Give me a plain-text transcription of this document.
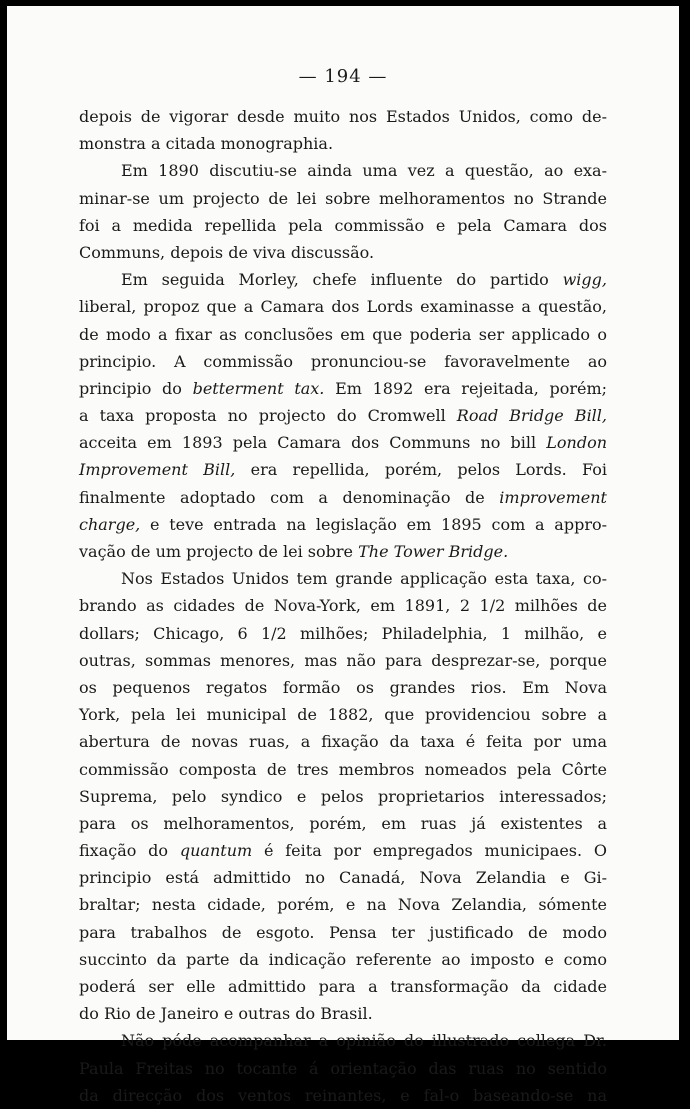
— 194 —
depois de vigorar desde muito nos Estados Unidos, como de-
monstra a citada monographia.
Em 1890 discutiu-se ainda uma vez a questão, ao exa-
minar-se um projecto de lei sobre melhoramentos no Strande
foi a medida repellida pela commissão e pela Camara dos
Communs, depois de viva discussão.
Em seguida Morley, chefe influente do partido wigg,
liberal, propoz que a Camara dos Lords examinasse a questão,
de modo a fixar as conclusões em que poderia ser applicado o
principio. A commissão pronunciou-se favoravelmente ao
principio do betterment tax. Em 1892 era rejeitada, porém;
a taxa proposta no projecto do Cromwell Road Bridge Bill,
acceita em 1893 pela Camara dos Communs no bill London
Improvement Bill, era repellida, porém, pelos Lords. Foi
finalmente adoptado com a denominação de improvement
charge, e teve entrada na legislação em 1895 com a appro-
vação de um projecto de lei sobre The Tower Bridge.
Nos Estados Unidos tem grande applicação esta taxa, co-
brando as cidades de Nova-York, em 1891, 2 1/2 milhões de
dollars; Chicago, 6 1/2 milhões; Philadelphia, 1 milhão, e
outras, sommas menores, mas não para desprezar-se, porque
os pequenos regatos formão os grandes rios. Em Nova
York, pela lei municipal de 1882, que providenciou sobre a
abertura de novas ruas, a fixação da taxa é feita por uma
commissão composta de tres membros nomeados pela Côrte
Suprema, pelo syndico e pelos proprietarios interessados;
para os melhoramentos, porém, em ruas já existentes a
fixação do quantum é feita por empregados municipaes. O
principio está admittido no Canadá, Nova Zelandia e Gi-
braltar; nesta cidade, porém, e na Nova Zelandia, sómente
para trabalhos de esgoto. Pensa ter justificado de modo
succinto da parte da indicação referente ao imposto e como
poderá ser elle admittido para a transformação da cidade
do Rio de Janeiro e outras do Brasil.
Não póde acompanhar a opinião do illustrado collega Dr.
Paula Freitas no tocante á orientação das ruas no sentido
da direcção dos ventos reinantes, e fal-o baseando-se na
